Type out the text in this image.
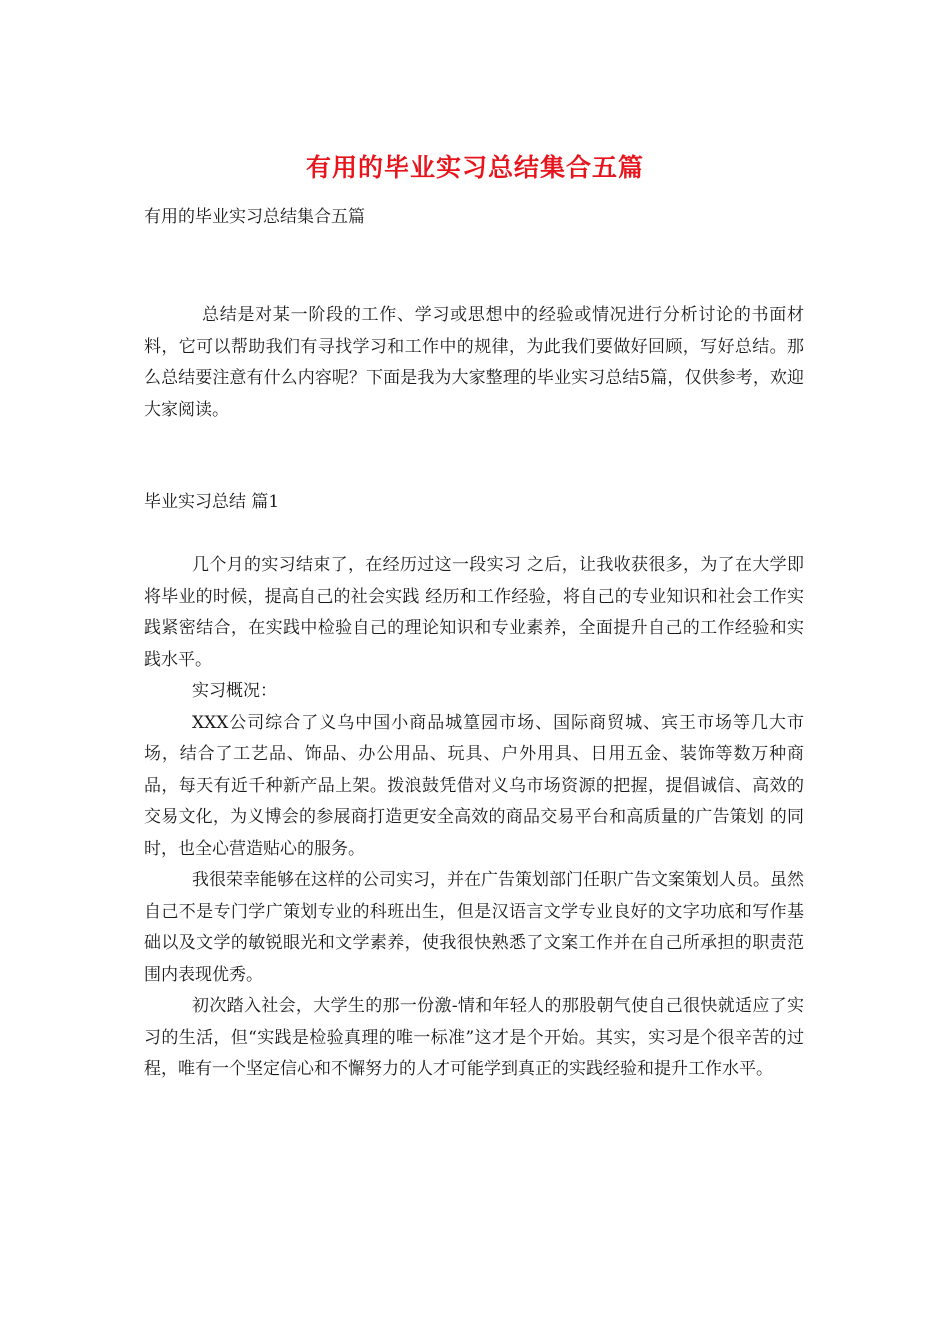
有用的毕业实习总结集合五篇

有用的毕业实习总结集合五篇

总结是对某一阶段的工作、学习或思想中的经验或情况进行分析讨论的书面材料，它可以帮助我们有寻找学习和工作中的规律，为此我们要做好回顾，写好总结。那么总结要注意有什么内容呢？下面是我为大家整理的毕业实习总结5篇，仅供参考，欢迎大家阅读。

毕业实习总结 篇1

几个月的实习结束了，在经历过这一段实习 之后，让我收获很多，为了在大学即将毕业的时候，提高自己的社会实践 经历和工作经验，将自己的专业知识和社会工作实践紧密结合，在实践中检验自己的理论知识和专业素养，全面提升自己的工作经验和实践水平。

实习概况：

XXX公司综合了义乌中国小商品城篁园市场、国际商贸城、宾王市场等几大市场，结合了工艺品、饰品、办公用品、玩具、户外用具、日用五金、装饰等数万种商品，每天有近千种新产品上架。拨浪鼓凭借对义乌市场资源的把握，提倡诚信、高效的交易文化，为义博会的参展商打造更安全高效的商品交易平台和高质量的广告策划 的同时，也全心营造贴心的服务。

我很荣幸能够在这样的公司实习，并在广告策划部门任职广告文案策划人员。虽然自己不是专门学广策划专业的科班出生，但是汉语言文学专业良好的文字功底和写作基础以及文学的敏锐眼光和文学素养，使我很快熟悉了文案工作并在自己所承担的职责范围内表现优秀。

初次踏入社会，大学生的那一份激-情和年轻人的那股朝气使自己很快就适应了实习的生活，但“实践是检验真理的唯一标准”这才是个开始。其实，实习是个很辛苦的过程，唯有一个坚定信心和不懈努力的人才可能学到真正的实践经验和提升工作水平。
